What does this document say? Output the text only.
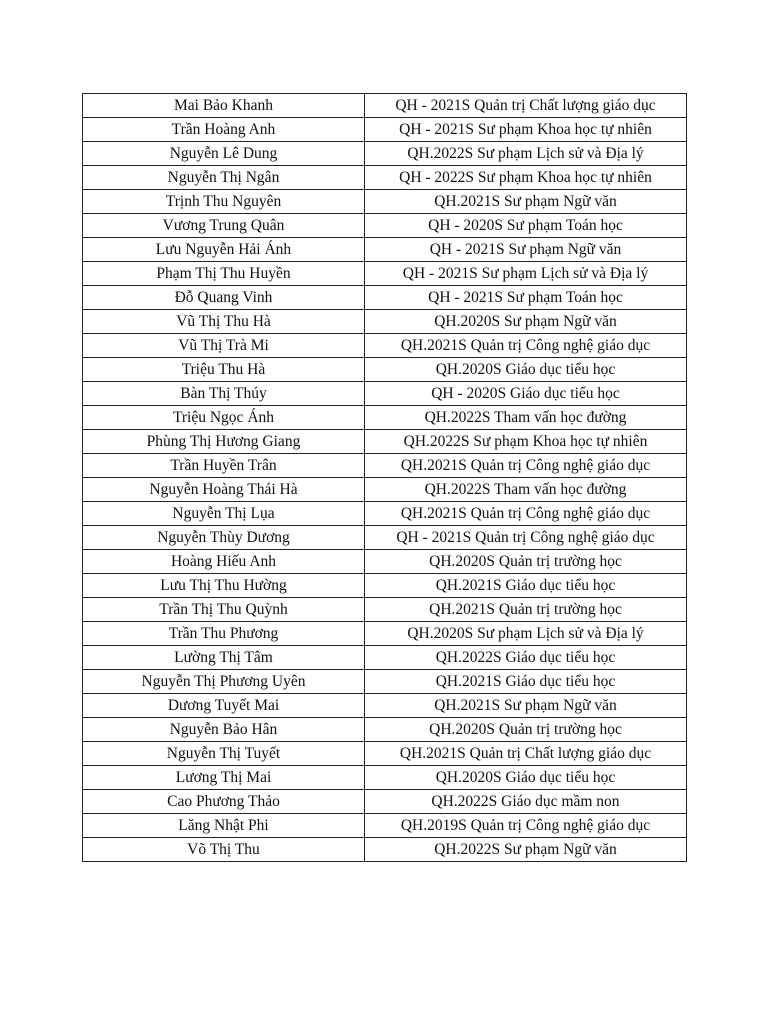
Mai Bảo Khanh	QH - 2021S Quản trị Chất lượng giáo dục
Trần Hoàng Anh	QH - 2021S Sư phạm Khoa học tự nhiên
Nguyễn Lê Dung	QH.2022S Sư phạm Lịch sử và Địa lý
Nguyễn Thị Ngân	QH - 2022S Sư phạm Khoa học tự nhiên
Trịnh Thu Nguyên	QH.2021S Sư phạm Ngữ văn
Vương Trung Quân	QH - 2020S Sư phạm Toán học
Lưu Nguyễn Hải Ánh	QH - 2021S Sư phạm Ngữ văn
Phạm Thị Thu Huyền	QH - 2021S Sư phạm Lịch sử và Địa lý
Đỗ Quang Vinh	QH - 2021S Sư phạm Toán học
Vũ Thị Thu Hà	QH.2020S Sư phạm Ngữ văn
Vũ Thị Trà Mi	QH.2021S Quản trị Công nghệ giáo dục
Triệu Thu Hà	QH.2020S Giáo dục tiểu học
Bàn Thị Thúy	QH - 2020S Giáo dục tiểu học
Triệu Ngọc Ánh	QH.2022S Tham vấn học đường
Phùng Thị Hương Giang	QH.2022S Sư phạm Khoa học tự nhiên
Trần Huyền Trân	QH.2021S Quản trị Công nghệ giáo dục
Nguyễn Hoàng Thái Hà	QH.2022S Tham vấn học đường
Nguyễn Thị Lụa	QH.2021S Quản trị Công nghệ giáo dục
Nguyễn Thùy Dương	QH - 2021S Quản trị Công nghệ giáo dục
Hoàng Hiếu Anh	QH.2020S Quản trị trường học
Lưu Thị Thu Hường	QH.2021S Giáo dục tiểu học
Trần Thị Thu Quỳnh	QH.2021S Quản trị trường học
Trần Thu Phương	QH.2020S Sư phạm Lịch sử và Địa lý
Lường Thị Tâm	QH.2022S Giáo dục tiểu học
Nguyễn Thị Phương Uyên	QH.2021S Giáo dục tiểu học
Dương Tuyết Mai	QH.2021S Sư phạm Ngữ văn
Nguyễn Bảo Hân	QH.2020S Quản trị trường học
Nguyễn Thị Tuyết	QH.2021S Quản trị Chất lượng giáo dục
Lương Thị Mai	QH.2020S Giáo dục tiểu học
Cao Phương Thảo	QH.2022S Giáo dục mầm non
Lăng Nhật Phi	QH.2019S Quản trị Công nghệ giáo dục
Võ Thị Thu	QH.2022S Sư phạm Ngữ văn
